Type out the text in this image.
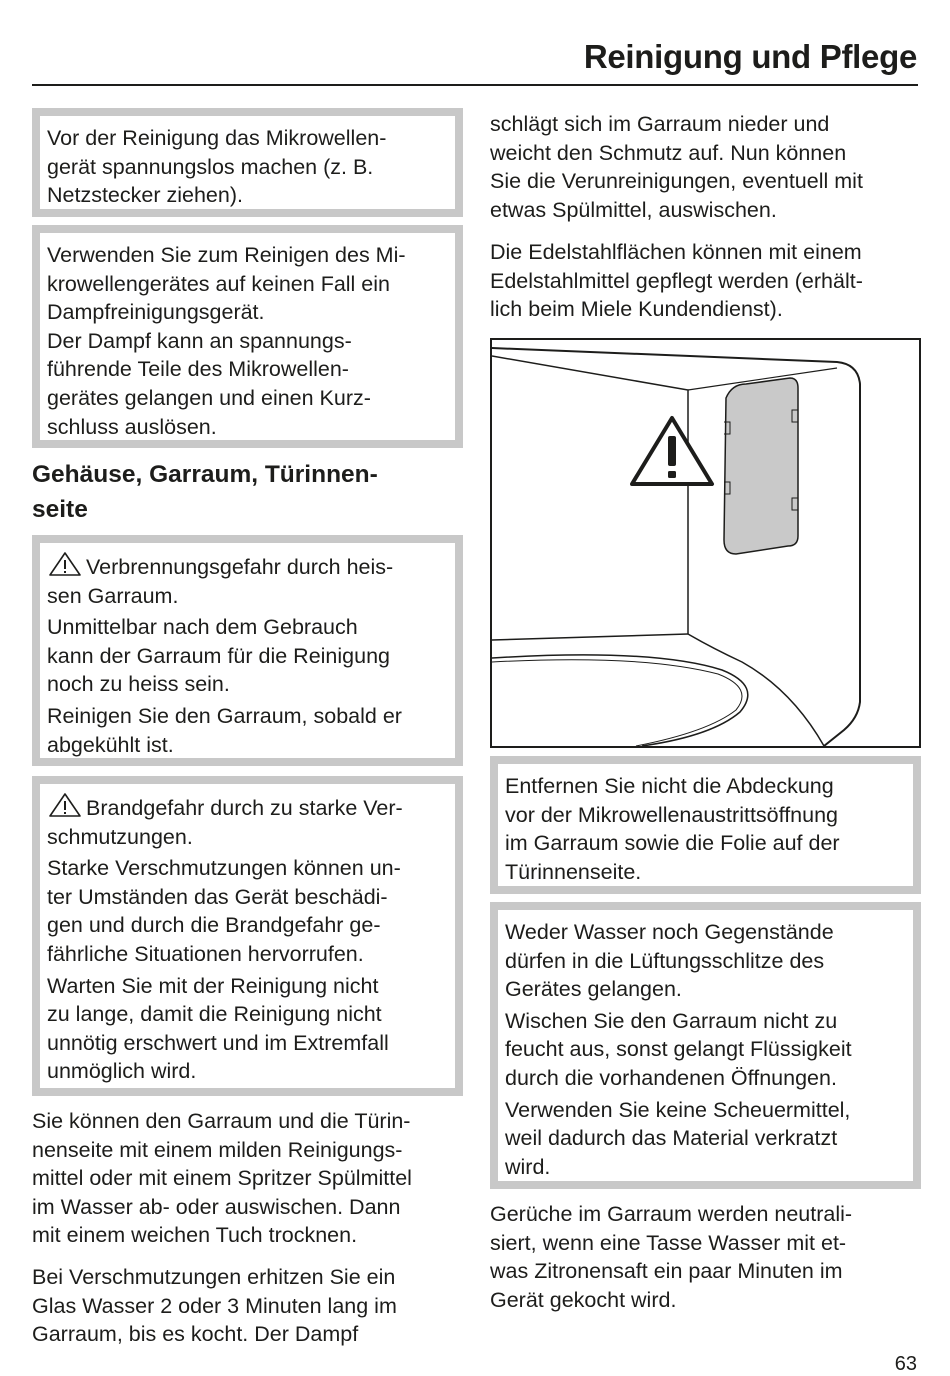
Reinigung und Pflege

Vor der Reinigung das Mikrowellen-
gerät spannungslos machen (z. B.
Netzstecker ziehen).

Verwenden Sie zum Reinigen des Mi-
krowellengerätes auf keinen Fall ein
Dampfreinigungsgerät.
Der Dampf kann an spannungs-
führende Teile des Mikrowellen-
gerätes gelangen und einen Kurz-
schluss auslösen.

Gehäuse, Garraum, Türinnen-
seite

Verbrennungsgefahr durch heis-
sen Garraum.

Unmittelbar nach dem Gebrauch
kann der Garraum für die Reinigung
noch zu heiss sein.

Reinigen Sie den Garraum, sobald er
abgekühlt ist.

Brandgefahr durch zu starke Ver-
schmutzungen.

Starke Verschmutzungen können un-
ter Umständen das Gerät beschädi-
gen und durch die Brandgefahr ge-
fährliche Situationen hervorrufen.

Warten Sie mit der Reinigung nicht
zu lange, damit die Reinigung nicht
unnötig erschwert und im Extremfall
unmöglich wird.

Sie können den Garraum und die Türin-
nenseite mit einem milden Reinigungs-
mittel oder mit einem Spritzer Spülmittel
im Wasser ab- oder auswischen. Dann
mit einem weichen Tuch trocknen.

Bei Verschmutzungen erhitzen Sie ein
Glas Wasser 2 oder 3 Minuten lang im
Garraum, bis es kocht. Der Dampf

schlägt sich im Garraum nieder und
weicht den Schmutz auf. Nun können
Sie die Verunreinigungen, eventuell mit
etwas Spülmittel, auswischen.

Die Edelstahlflächen können mit einem
Edelstahlmittel gepflegt werden (erhält-
lich beim Miele Kundendienst).

Entfernen Sie nicht die Abdeckung
vor der Mikrowellenaustrittsöffnung
im Garraum sowie die Folie auf der
Türinnenseite.

Weder Wasser noch Gegenstände
dürfen in die Lüftungsschlitze des
Gerätes gelangen.

Wischen Sie den Garraum nicht zu
feucht aus, sonst gelangt Flüssigkeit
durch die vorhandenen Öffnungen.

Verwenden Sie keine Scheuermittel,
weil dadurch das Material verkratzt
wird.

Gerüche im Garraum werden neutrali-
siert, wenn eine Tasse Wasser mit et-
was Zitronensaft ein paar Minuten im
Gerät gekocht wird.

63
